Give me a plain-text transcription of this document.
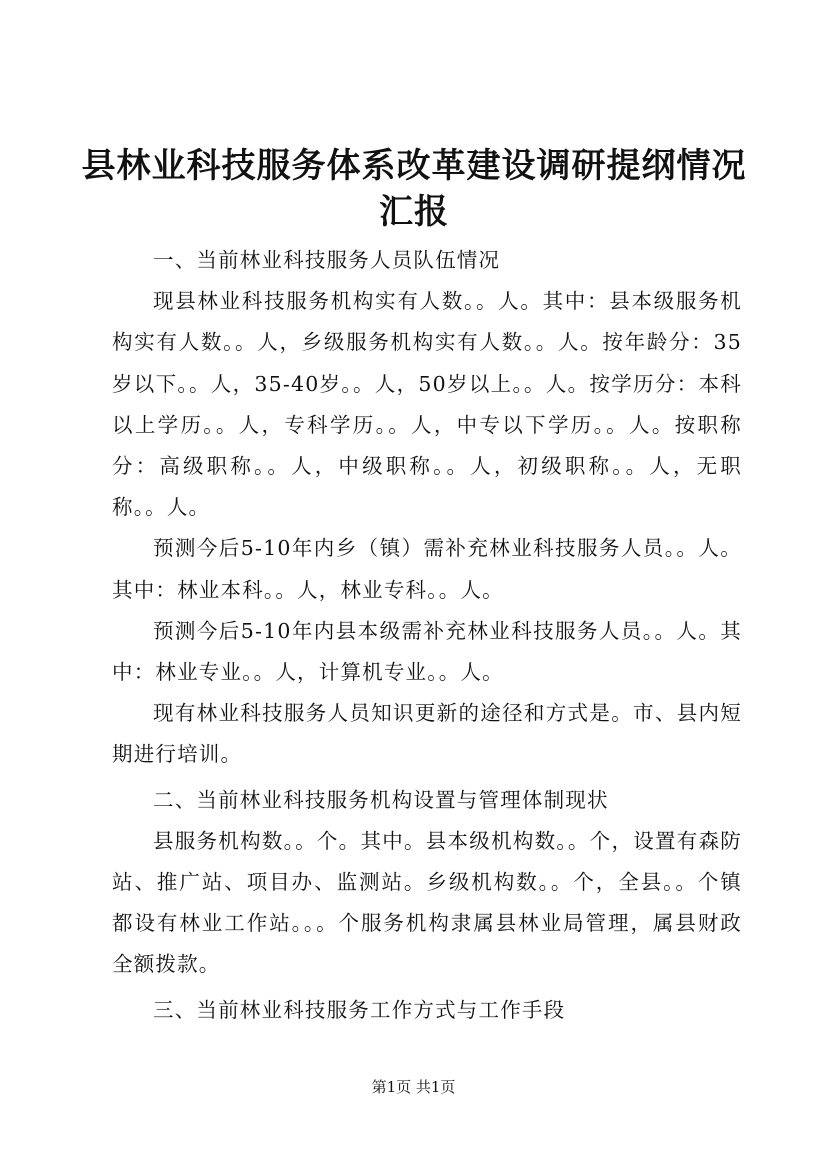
县林业科技服务体系改革建设调研提纲情况汇报

一、当前林业科技服务人员队伍情况

现县林业科技服务机构实有人数。。人。其中：县本级服务机构实有人数。。人，乡级服务机构实有人数。。人。按年龄分：35岁以下。。人，35-40岁。。人，50岁以上。。人。按学历分：本科以上学历。。人，专科学历。。人，中专以下学历。。人。按职称分：高级职称。。人，中级职称。。人，初级职称。。人，无职称。。人。

预测今后5-10年内乡（镇）需补充林业科技服务人员。。人。其中：林业本科。。人，林业专科。。人。

预测今后5-10年内县本级需补充林业科技服务人员。。人。其中：林业专业。。人，计算机专业。。人。

现有林业科技服务人员知识更新的途径和方式是。市、县内短期进行培训。

二、当前林业科技服务机构设置与管理体制现状

县服务机构数。。个。其中。县本级机构数。。个，设置有森防站、推广站、项目办、监测站。乡级机构数。。个，全县。。个镇都设有林业工作站。。。个服务机构隶属县林业局管理，属县财政全额拨款。

三、当前林业科技服务工作方式与工作手段

第1页 共1页
